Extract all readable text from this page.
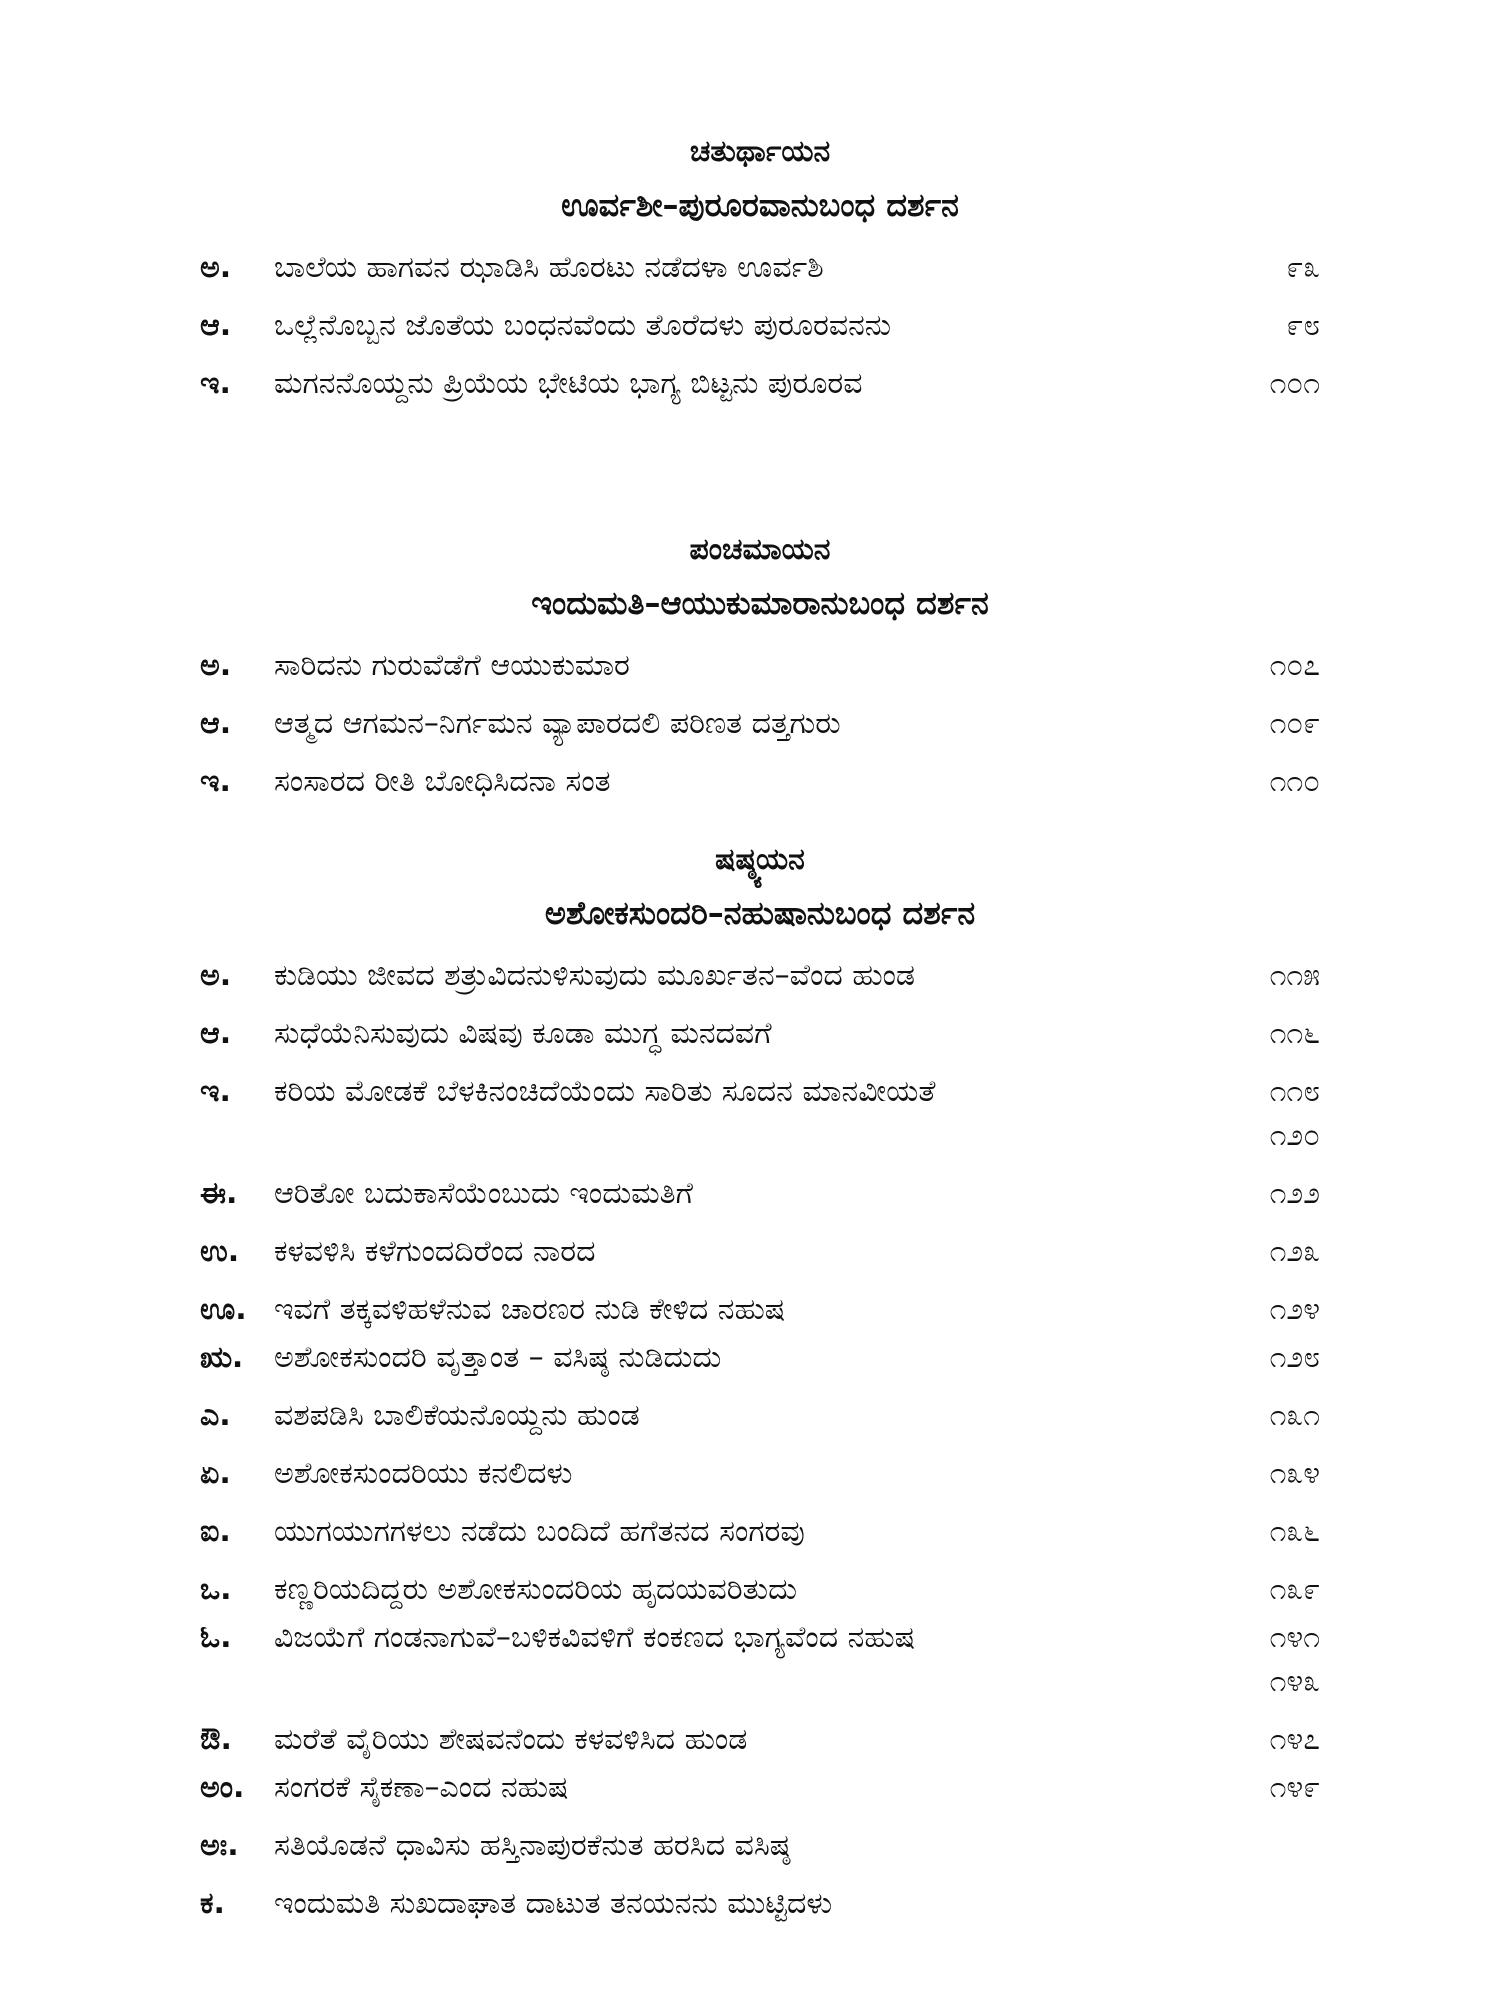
ಚತುರ್ಥಾಯನ
ಊರ್ವಶೀ–ಪುರೂರವಾನುಬಂಧ ದರ್ಶನ
ಅ.	ಬಾಲೆಯ ಹಾಗವನ ಝಾಡಿಸಿ ಹೊರಟು ನಡೆದಳಾ ಊರ್ವಶಿ	೯೩
ಆ.	ಒಲ್ಲೆನೊಬ್ಬನ ಜೊತೆಯ ಬಂಧನವೆಂದು ತೊರೆದಳು ಪುರೂರವನನು	೯೮
ಇ.	ಮಗನನೊಯ್ದನು ಪ್ರಿಯೆಯ ಭೇಟಿಯ ಭಾಗ್ಯ ಬಿಟ್ಟನು ಪುರೂರವ	೧೦೧
ಪಂಚಮಾಯನ
ಇಂದುಮತಿ–ಆಯುಕುಮಾರಾನುಬಂಧ ದರ್ಶನ
ಅ.	ಸಾರಿದನು ಗುರುವೆಡೆಗೆ ಆಯುಕುಮಾರ	೧೦೭
ಆ.	ಆತ್ಮದ ಆಗಮನ–ನಿರ್ಗಮನ ವ್ಯಾಪಾರದಲಿ ಪರಿಣತ ದತ್ತಗುರು	೧೦೯
ಇ.	ಸಂಸಾರದ ರೀತಿ ಬೋಧಿಸಿದನಾ ಸಂತ	೧೧೦
ಷಷ್ಠ್ಯಯನ
ಅಶೋಕಸುಂದರಿ–ನಹುಷಾನುಬಂಧ ದರ್ಶನ
ಅ.	ಕುಡಿಯು ಜೀವದ ಶತ್ರುವಿದನುಳಿಸುವುದು ಮೂರ್ಖತನ–ವೆಂದ ಹುಂಡ	೧೧೫
ಆ.	ಸುಧೆಯೆನಿಸುವುದು ವಿಷವು ಕೂಡಾ ಮುಗ್ಧ ಮನದವಗೆ	೧೧೬
ಇ.	ಕರಿಯ ಮೋಡಕೆ ಬೆಳಕಿನಂಚಿದೆಯೆಂದು ಸಾರಿತು ಸೂದನ ಮಾನವೀಯತೆ	೧೧೮
೧೨೦
ಈ.	ಆರಿತೋ ಬದುಕಾಸೆಯೆಂಬುದು ಇಂದುಮತಿಗೆ	೧೨೨
ಉ.	ಕಳವಳಿಸಿ ಕಳೆಗುಂದದಿರೆಂದ ನಾರದ	೧೨೩
ಊ. ಇವಗೆ ತಕ್ಕವಳಿಹಳೆನುವ ಚಾರಣರ ನುಡಿ ಕೇಳಿದ ನಹುಷ	೧೨೪
ಋ.	ಅಶೋಕಸುಂದರಿ ವೃತ್ತಾಂತ – ವಸಿಷ್ಠ ನುಡಿದುದು	೧೨೮
ಎ.	ವಶಪಡಿಸಿ ಬಾಲಿಕೆಯನೊಯ್ದನು ಹುಂಡ	೧೩೧
ಏ.	ಅಶೋಕಸುಂದರಿಯು ಕನಲಿದಳು	೧೩೪
ಐ.	ಯುಗಯುಗಗಳಲು ನಡೆದು ಬಂದಿದೆ ಹಗೆತನದ ಸಂಗರವು	೧೩೬
ಒ.	ಕಣ್ಣರಿಯದಿದ್ದರು ಅಶೋಕಸುಂದರಿಯ ಹೃದಯವರಿತುದು	೧೩೯
ಓ.	ವಿಜಯೆಗೆ ಗಂಡನಾಗುವೆ–ಬಳಿಕವಿವಳಿಗೆ ಕಂಕಣದ ಭಾಗ್ಯವೆಂದ ನಹುಷ	೧೪೧
೧೪೩
ಔ.	ಮರೆತೆ ವೈರಿಯು ಶೇಷವನೆಂದು ಕಳವಳಿಸಿದ ಹುಂಡ	೧೪೭
ಅಂ. ಸಂಗರಕೆ ಸೈಕಣಾ–ಎಂದ ನಹುಷ	೧೪೯
ಅಃ.	ಸತಿಯೊಡನೆ ಧಾವಿಸು ಹಸ್ತಿನಾಪುರಕೆನುತ ಹರಸಿದ ವಸಿಷ್ಠ
ಕ.	ಇಂದುಮತಿ ಸುಖದಾಘಾತ ದಾಟುತ ತನಯನನು ಮುಟ್ಟಿದಳು
